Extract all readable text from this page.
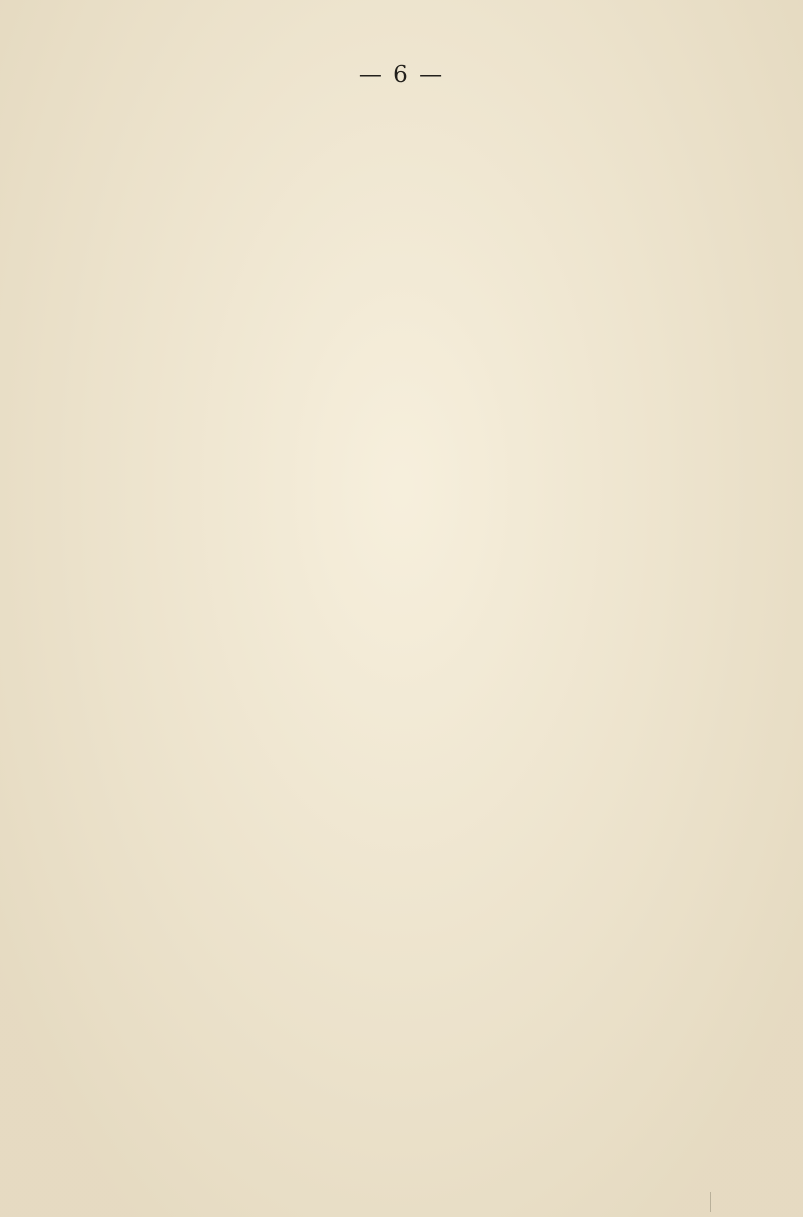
— 6 —
